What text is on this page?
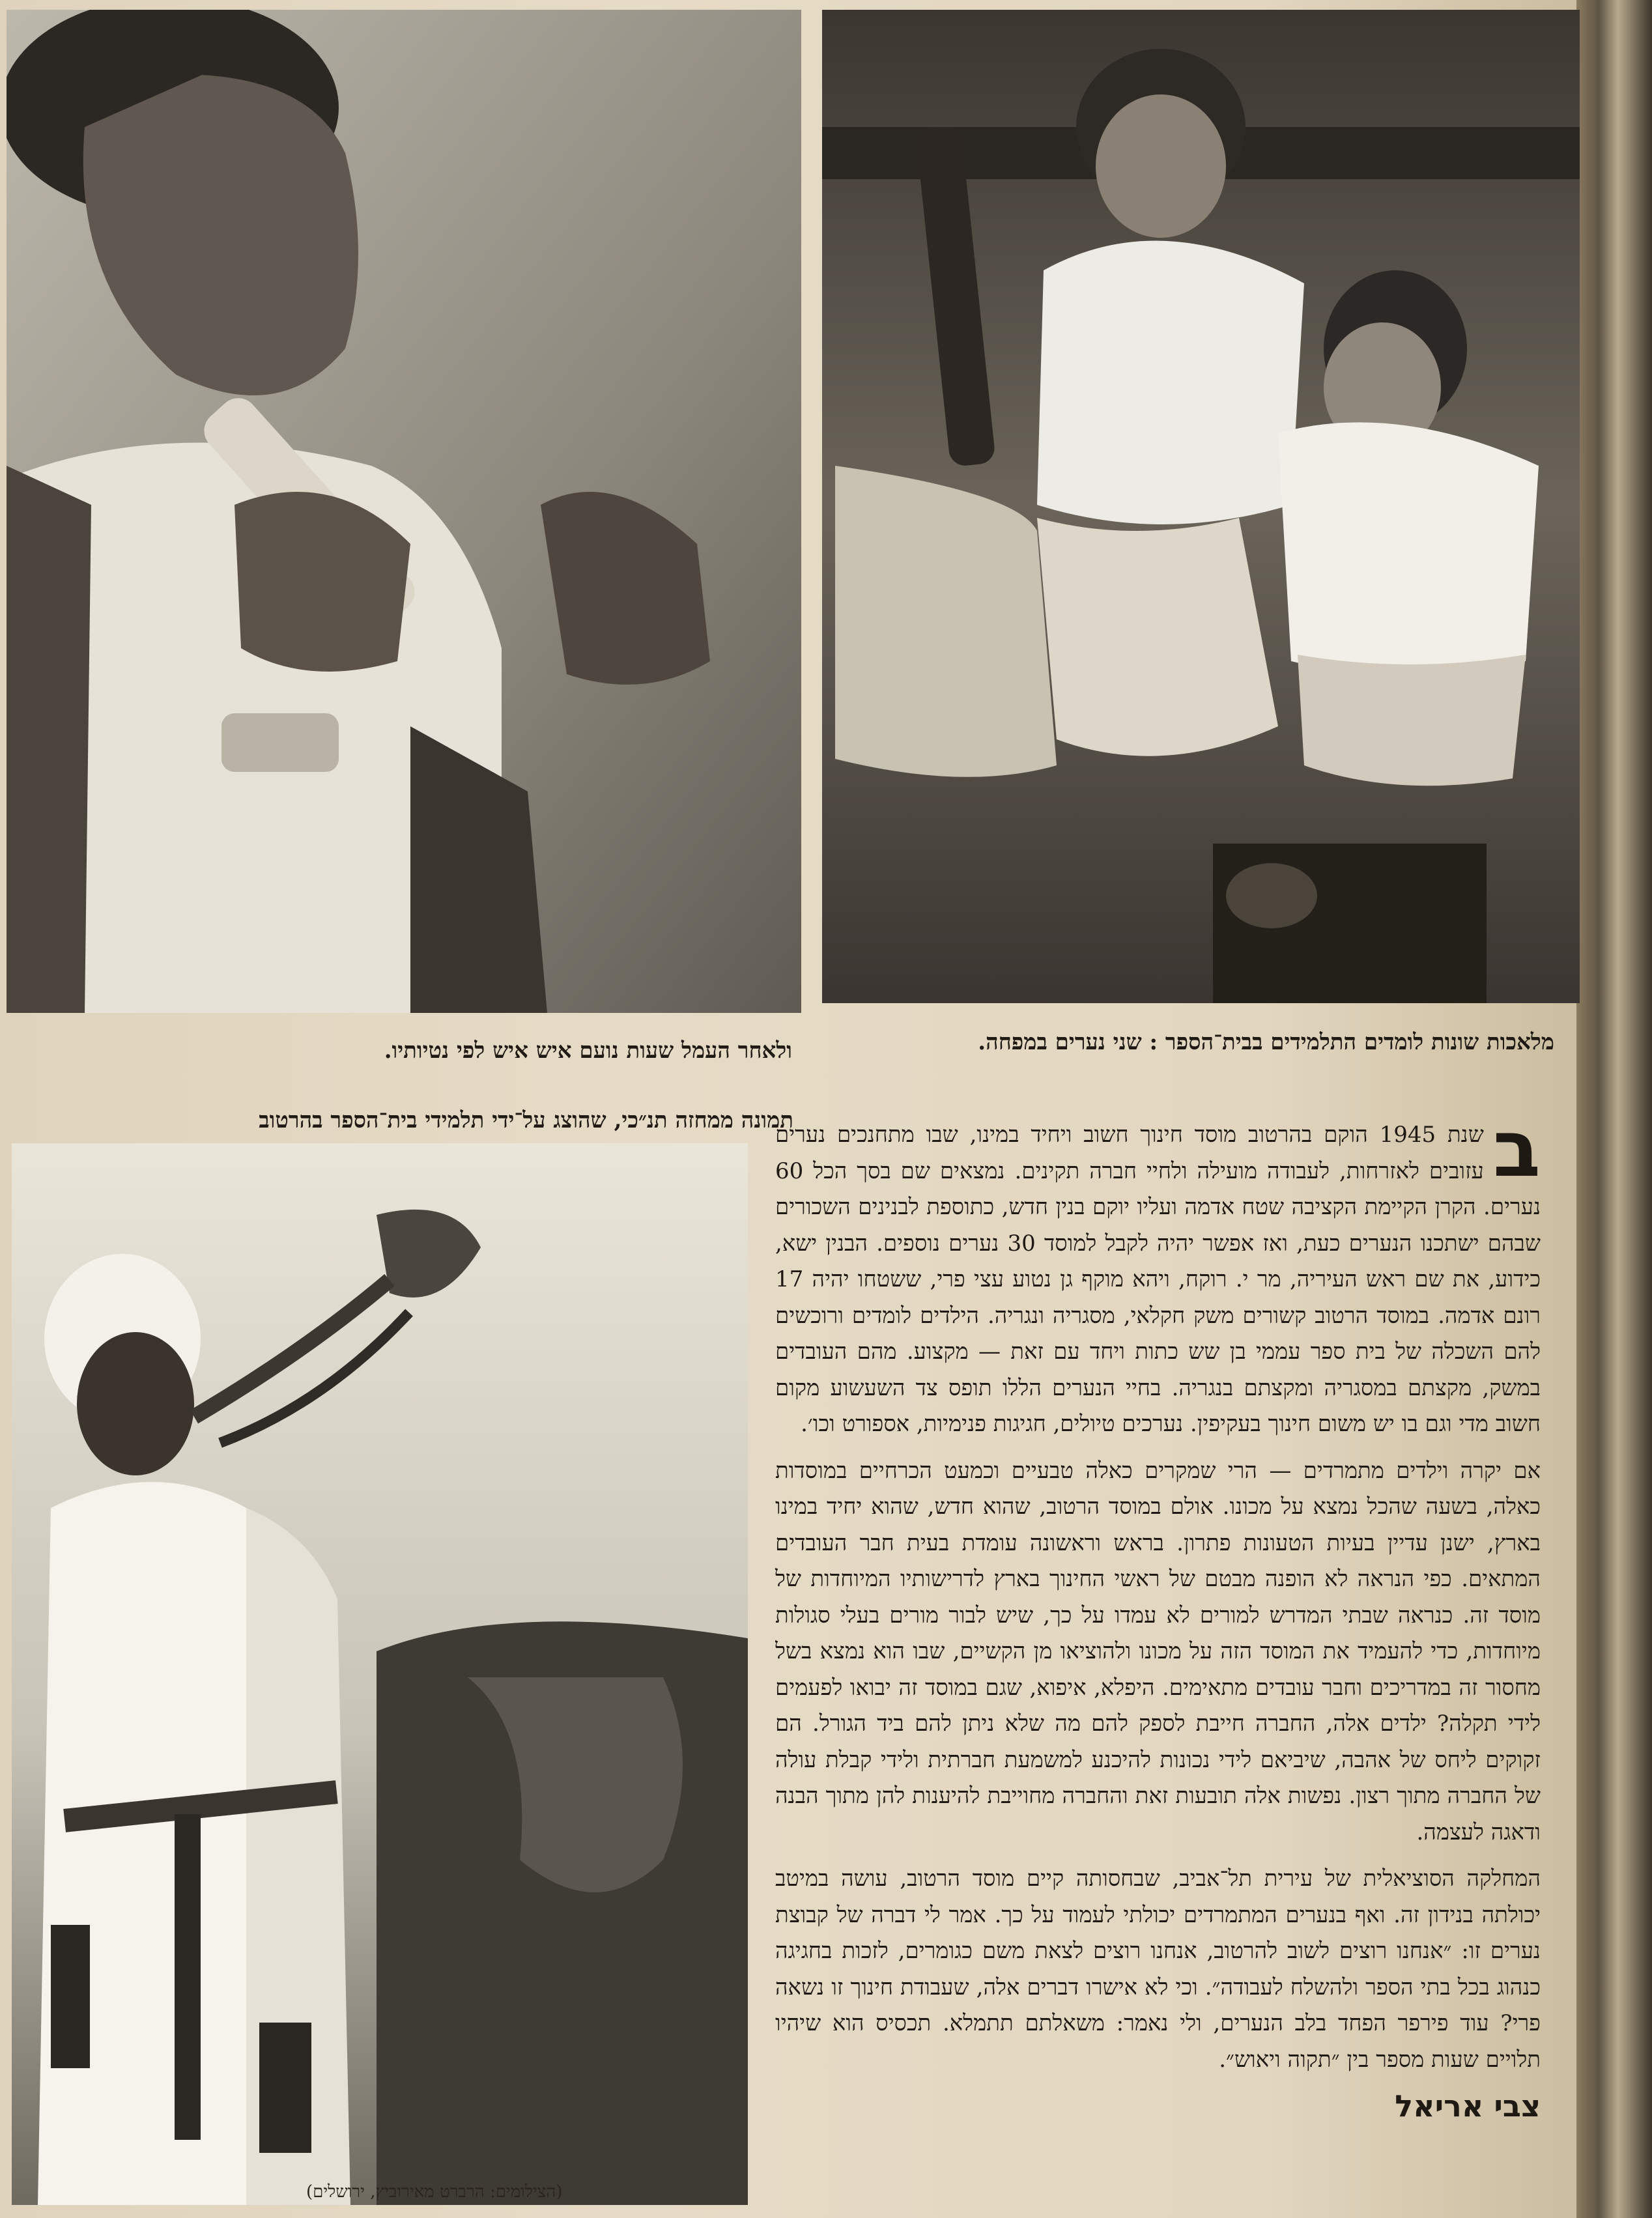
ולאחר העמל שעות נועם איש איש לפי נטיותיו.	מלאכות שונות לומדים התלמידים בבית־הספר : שני נערים במפחה.
תמונה ממחזה תנ״כי, שהוצג על־ידי תלמידי בית־הספר בהרטוב	ב

שנת 1945 הוקם בהרטוב מוסד חינוך חשוב ויחיד במינו, שבו מתחנכים נערים עזובים לאזרחות, לעבודה מועילה ולחיי חברה תקינים. נמצאים שם בסך הכל 60 נערים. הקרן הקיימת הקציבה שטח אדמה ועליו יוקם בנין חדש, כתוספת לבנינים השכורים שבהם ישתכנו הנערים כעת, ואז אפשר יהיה לקבל למוסד 30 נערים נוספים. הבנין ישא, כידוע, את שם ראש העיריה, מר י. רוקח, ויהא מוקף גן נטוע עצי פרי, ששטחו יהיה 17 רונם אדמה. במוסד הרטוב קשורים משק חקלאי, מסגריה ונגריה. הילדים לומדים ורוכשים להם השכלה של בית ספר עממי בן שש כתות ויחד עם זאת — מקצוע. מהם העובדים במשק, מקצתם במסגריה ומקצתם בנגריה. בחיי הנערים הללו תופס צד השעשוע מקום חשוב מדי וגם בו יש משום חינוך בעקיפין. נערכים טיולים, חגיגות פנימיות, אספורט וכו׳.

אם יקרה וילדים מתמרדים — הרי שמקרים כאלה טבעיים וכמעט הכרחיים במוסדות כאלה, בשעה שהכל נמצא על מכונו. אולם במוסד הרטוב, שהוא חדש, שהוא יחיד במינו בארץ, ישנן עדיין בעיות הטעונות פתרון. בראש וראשונה עומדת בעית חבר העובדים המתאים. כפי הנראה לא הופנה מבטם של ראשי החינוך בארץ לדרישותיו המיוחדות של מוסד זה. כנראה שבתי המדרש למורים לא עמדו על כך, שיש לבור מורים בעלי סגולות מיוחדות, כדי להעמיד את המוסד הזה על מכונו ולהוציאו מן הקשיים, שבו הוא נמצא בשל מחסור זה במדריכים וחבר עובדים מתאימים. היפלא, איפוא, שגם במוסד זה יבואו לפעמים לידי תקלה? ילדים אלה, החברה חייבת לספק להם מה שלא ניתן להם ביד הגורל. הם זקוקים ליחס של אהבה, שיביאם לידי נכונות להיכנע למשמעת חברתית ולידי קבלת עולה של החברה מתוך רצון. נפשות אלה תובעות זאת והחברה מחוייבת להיענות להן מתוך הבנה ודאגה לעצמה.

המחלקה הסוציאלית של עירית תל־אביב, שבחסותה קיים מוסד הרטוב, עושה במיטב יכולתה בנידון זה. ואף בנערים המתמרדים יכולתי לעמוד על כך. אמר לי דברה של קבוצת נערים זו: ״אנחנו רוצים לשוב להרטוב, אנחנו רוצים לצאת משם כגומרים, לזכות בחגיגה כנהוג בכל בתי הספר ולהשלח לעבודה״. וכי לא אישרו דברים אלה, שעבודת חינוך זו נשאה פרי? עוד פירפר הפחד בלב הנערים, ולי נאמר: משאלתם תתמלא. תכסיס הוא שיהיו תלויים שעות מספר בין ״תקוה ויאוש״.

צבי אריאל
(הצילומים: הרברט מאירוביץ, ירושלים)
